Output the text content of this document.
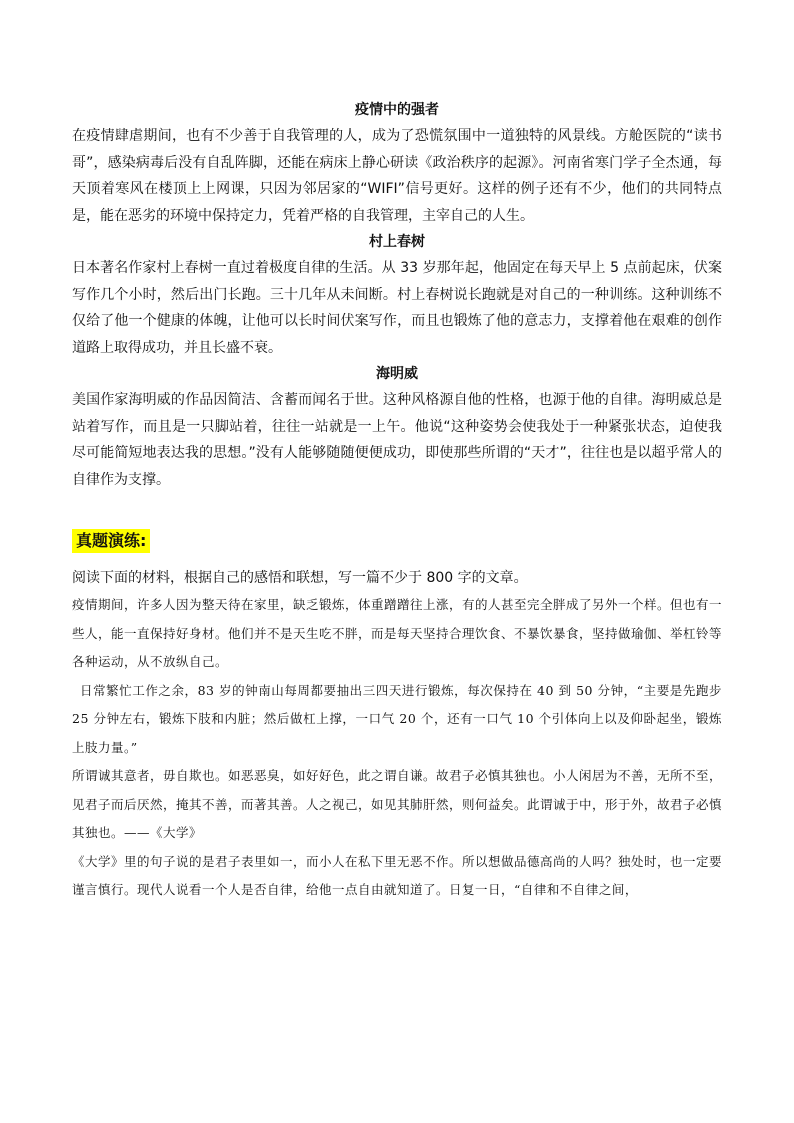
疫情中的强者

在疫情肆虐期间，也有不少善于自我管理的人，成为了恐慌氛围中一道独特的风景线。方舱医院的“读书哥”，感染病毒后没有自乱阵脚，还能在病床上静心研读《政治秩序的起源》。河南省寒门学子全杰通，每天顶着寒风在楼顶上上网课，只因为邻居家的“WIFI”信号更好。这样的例子还有不少，他们的共同特点是，能在恶劣的环境中保持定力，凭着严格的自我管理，主宰自己的人生。

村上春树

日本著名作家村上春树一直过着极度自律的生活。从 33 岁那年起，他固定在每天早上 5 点前起床，伏案写作几个小时，然后出门长跑。三十几年从未间断。村上春树说长跑就是对自己的一种训练。这种训练不仅给了他一个健康的体魄，让他可以长时间伏案写作，而且也锻炼了他的意志力，支撑着他在艰难的创作道路上取得成功，并且长盛不衰。

海明威

美国作家海明威的作品因简洁、含蓄而闻名于世。这种风格源自他的性格，也源于他的自律。海明威总是站着写作，而且是一只脚站着，往往一站就是一上午。他说“这种姿势会使我处于一种紧张状态，迫使我尽可能简短地表达我的思想。”没有人能够随随便便成功，即使那些所谓的“天才”，往往也是以超乎常人的自律作为支撑。

真题演练:
阅读下面的材料，根据自己的感悟和联想，写一篇不少于 800 字的文章。

疫情期间，许多人因为整天待在家里，缺乏锻炼，体重蹭蹭往上涨，有的人甚至完全胖成了另外一个样。但也有一些人，能一直保持好身材。他们并不是天生吃不胖，而是每天坚持合理饮食、不暴饮暴食，坚持做瑜伽、举杠铃等各种运动，从不放纵自己。

日常繁忙工作之余，83 岁的钟南山每周都要抽出三四天进行锻炼，每次保持在 40 到 50 分钟，“主要是先跑步 25 分钟左右，锻炼下肢和内脏；然后做杠上撑，一口气 20 个，还有一口气 10 个引体向上以及仰卧起坐，锻炼上肢力量。”

所谓诚其意者，毋自欺也。如恶恶臭，如好好色，此之谓自谦。故君子必慎其独也。小人闲居为不善，无所不至，见君子而后厌然，掩其不善，而著其善。人之视己，如见其肺肝然，则何益矣。此谓诚于中，形于外，故君子必慎其独也。——《大学》

《大学》里的句子说的是君子表里如一，而小人在私下里无恶不作。所以想做品德高尚的人吗？独处时，也一定要谨言慎行。现代人说看一个人是否自律，给他一点自由就知道了。日复一日，“自律和不自律之间，
